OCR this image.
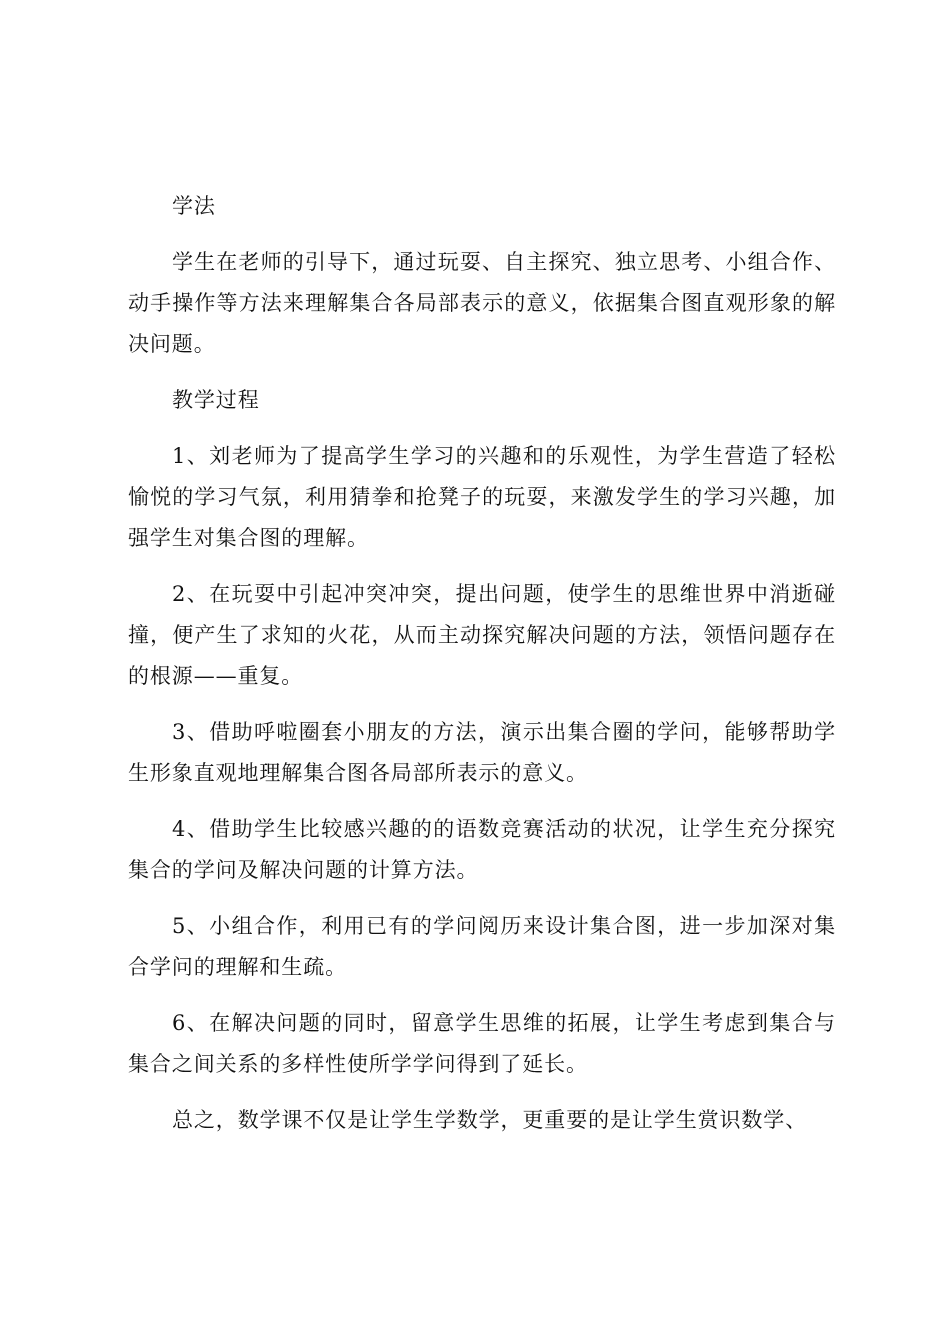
学法

学生在老师的引导下，通过玩耍、自主探究、独立思考、小组合作、动手操作等方法来理解集合各局部表示的意义，依据集合图直观形象的解决问题。

教学过程

1、刘老师为了提高学生学习的兴趣和的乐观性，为学生营造了轻松愉悦的学习气氛，利用猜拳和抢凳子的玩耍，来激发学生的学习兴趣，加强学生对集合图的理解。

2、在玩耍中引起冲突冲突，提出问题，使学生的思维世界中消逝碰撞，便产生了求知的火花，从而主动探究解决问题的方法，领悟问题存在的根源——重复。

3、借助呼啦圈套小朋友的方法，演示出集合圈的学问，能够帮助学生形象直观地理解集合图各局部所表示的意义。

4、借助学生比较感兴趣的的语数竞赛活动的状况，让学生充分探究集合的学问及解决问题的计算方法。

5、小组合作，利用已有的学问阅历来设计集合图，进一步加深对集合学问的理解和生疏。

6、在解决问题的同时，留意学生思维的拓展，让学生考虑到集合与集合之间关系的多样性使所学学问得到了延长。

总之，数学课不仅是让学生学数学，更重要的是让学生赏识数学、
